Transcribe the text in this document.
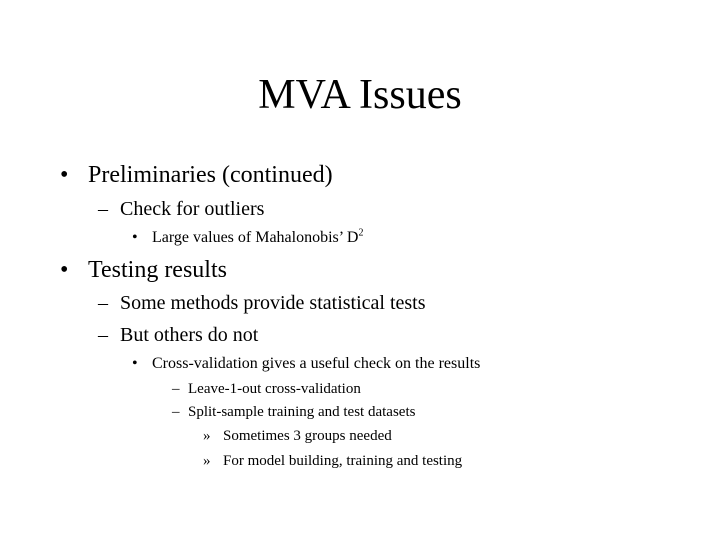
MVA Issues
• Preliminaries (continued)
– Check for outliers
• Large values of Mahalonobis’ $D^2$
• Testing results
– Some methods provide statistical tests
– But others do not
• Cross-validation gives a useful check on the results
– Leave-1-out cross-validation
– Split-sample training and test datasets
» Sometimes 3 groups needed
» For model building, training and testing
